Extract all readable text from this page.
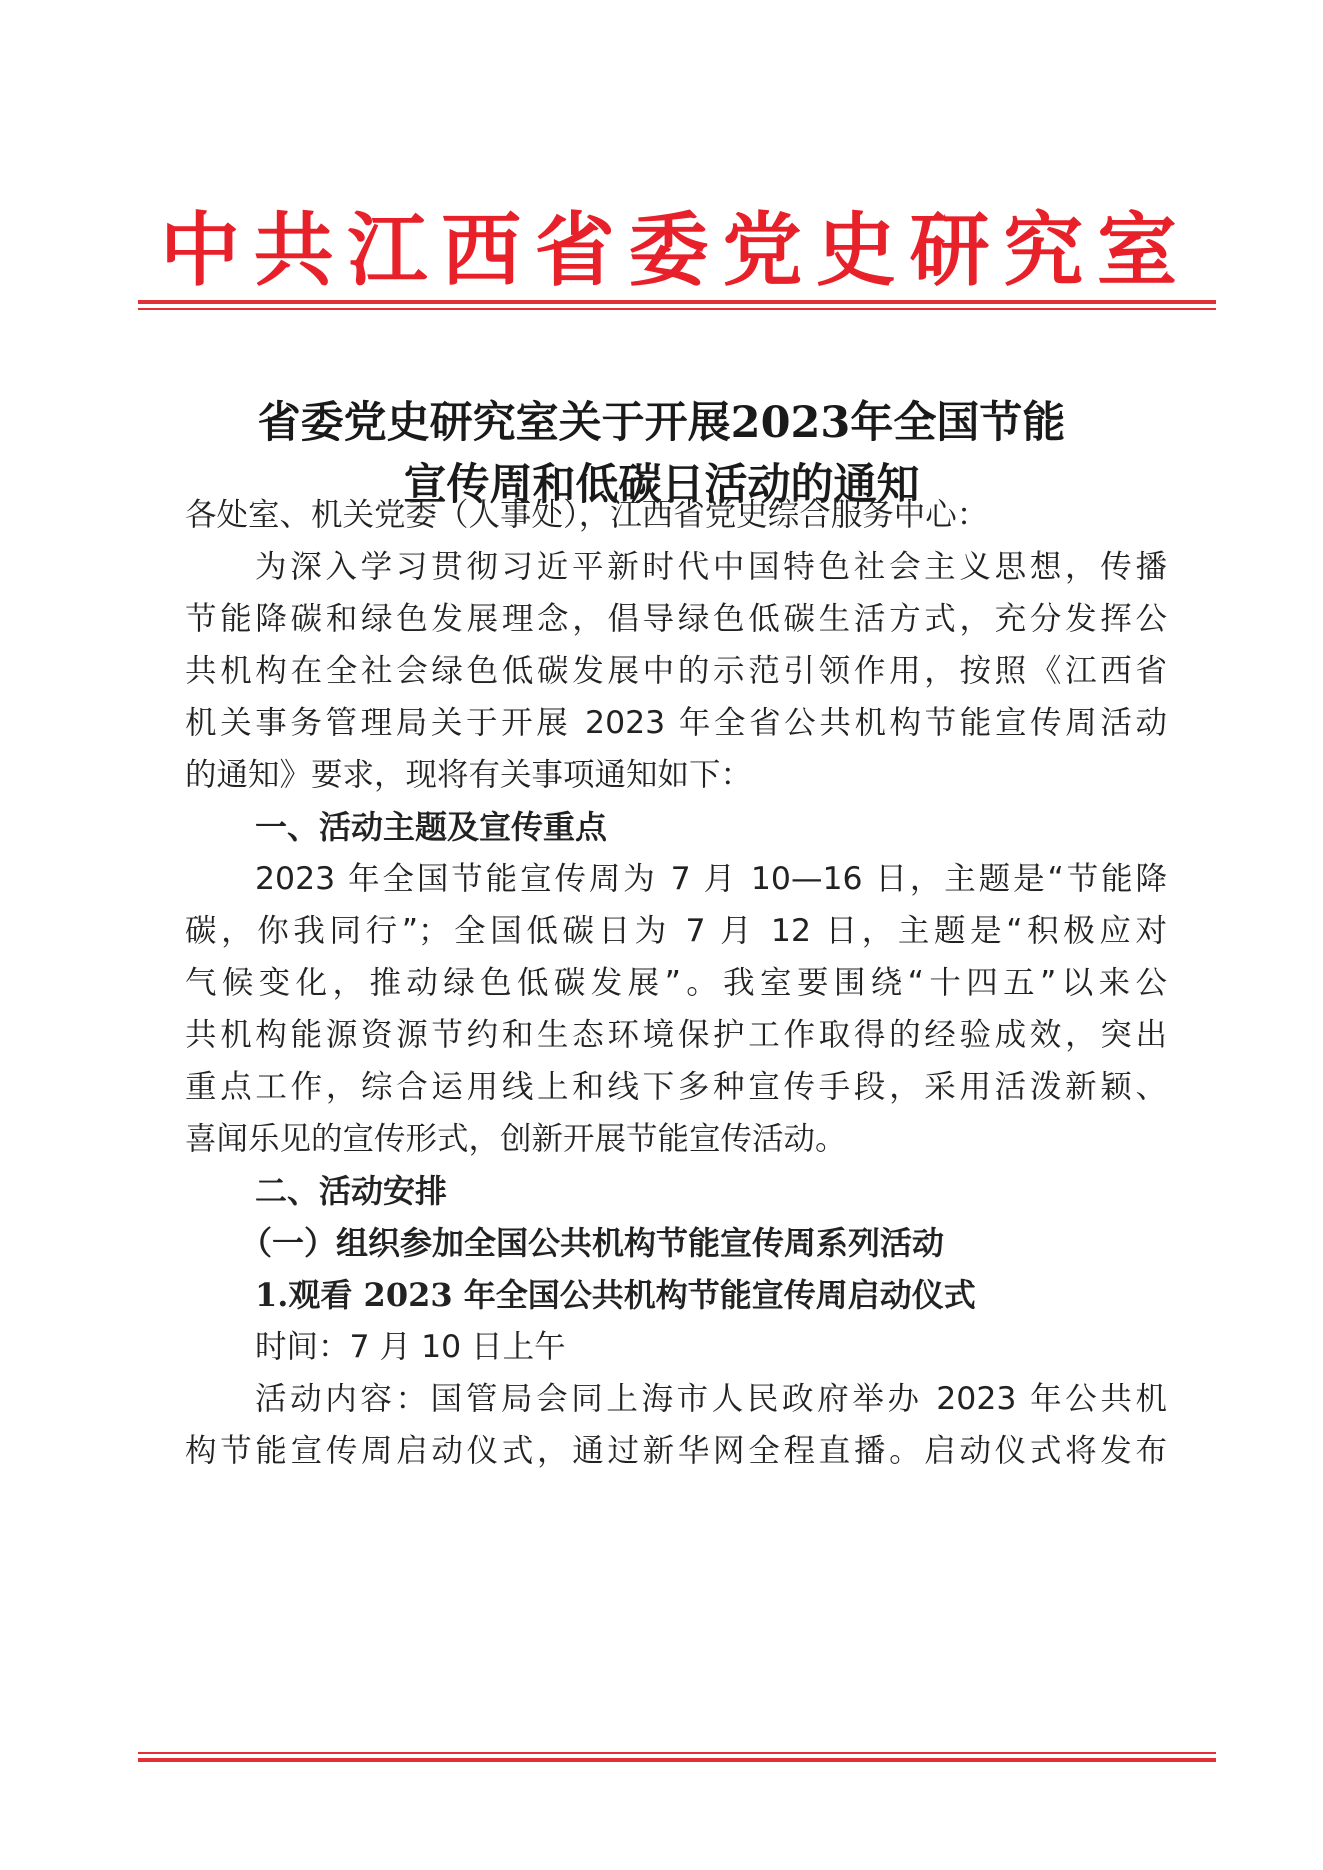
中共江西省委党史研究室
省委党史研究室关于开展2023年全国节能
宣传周和低碳日活动的通知
各处室、机关党委（人事处），江西省党史综合服务中心：
为深入学习贯彻习近平新时代中国特色社会主义思想，传播
节能降碳和绿色发展理念，倡导绿色低碳生活方式，充分发挥公
共机构在全社会绿色低碳发展中的示范引领作用，按照《江西省
机关事务管理局关于开展 2023 年全省公共机构节能宣传周活动
的通知》要求，现将有关事项通知如下：
一、活动主题及宣传重点
2023 年全国节能宣传周为 7 月 10—16 日，主题是“节能降
碳，你我同行”；全国低碳日为 7 月 12 日，主题是“积极应对
气候变化，推动绿色低碳发展”。我室要围绕“十四五”以来公
共机构能源资源节约和生态环境保护工作取得的经验成效，突出
重点工作，综合运用线上和线下多种宣传手段，采用活泼新颖、
喜闻乐见的宣传形式，创新开展节能宣传活动。
二、活动安排
（一）组织参加全国公共机构节能宣传周系列活动
1.观看 2023 年全国公共机构节能宣传周启动仪式
时间：7 月 10 日上午
活动内容：国管局会同上海市人民政府举办 2023 年公共机
构节能宣传周启动仪式，通过新华网全程直播。启动仪式将发布
